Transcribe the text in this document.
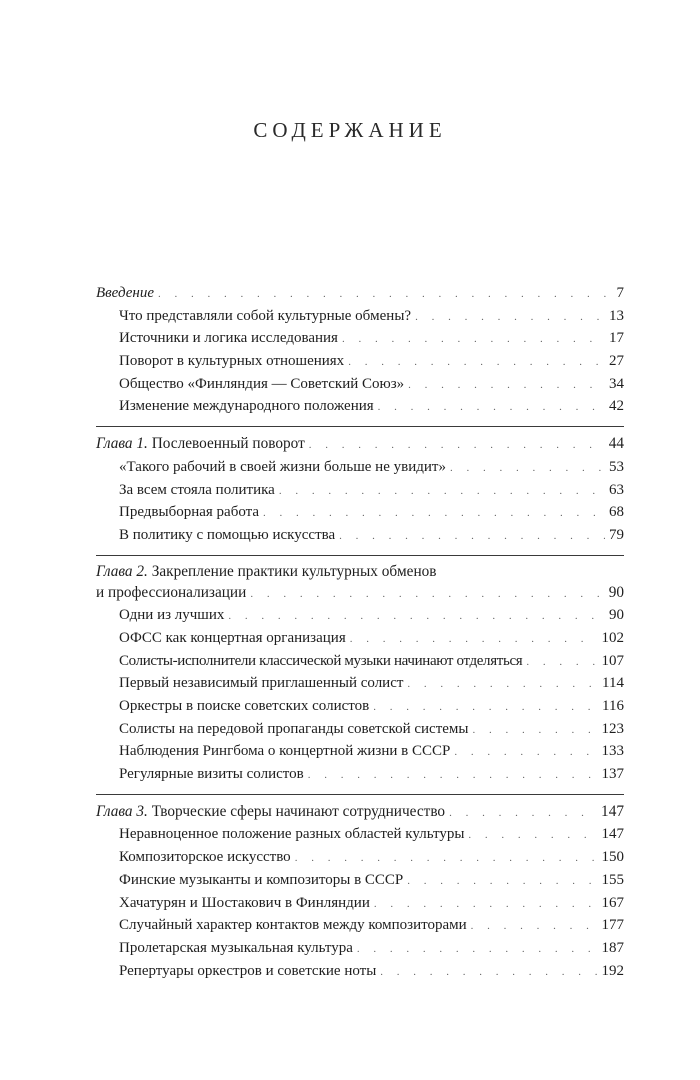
СОДЕРЖАНИЕ
Введение . . .	7
Что представляли собой культурные обмены? . . .	13
Источники и логика исследования . . .	17
Поворот в культурных отношениях . . .	27
Общество «Финляндия — Советский Союз» . . .	34
Изменение международного положения . . .	42
Глава 1. Послевоенный поворот . . .	44
«Такого рабочий в своей жизни больше не увидит» . . .	53
За всем стояла политика . . .	63
Предвыборная работа . . .	68
В политику с помощью искусства . . .	79
Глава 2. Закрепление практики культурных обменов
и профессионализации . . .	90
Одни из лучших . . .	90
ОФСС как концертная организация . . .	102
Солисты-исполнители классической музыки начинают отделяться . . .	107
Первый независимый приглашенный солист . . .	114
Оркестры в поиске советских солистов . . .	116
Солисты на передовой пропаганды советской системы . . .	123
Наблюдения Рингбома о концертной жизни в СССР . . .	133
Регулярные визиты солистов . . .	137
Глава 3. Творческие сферы начинают сотрудничество . . .	147
Неравноценное положение разных областей культуры . . .	147
Композиторское искусство . . .	150
Финские музыканты и композиторы в СССР . . .	155
Хачатурян и Шостакович в Финляндии . . .	167
Случайный характер контактов между композиторами . . .	177
Пролетарская музыкальная культура . . .	187
Репертуары оркестров и советские ноты . . .	192
